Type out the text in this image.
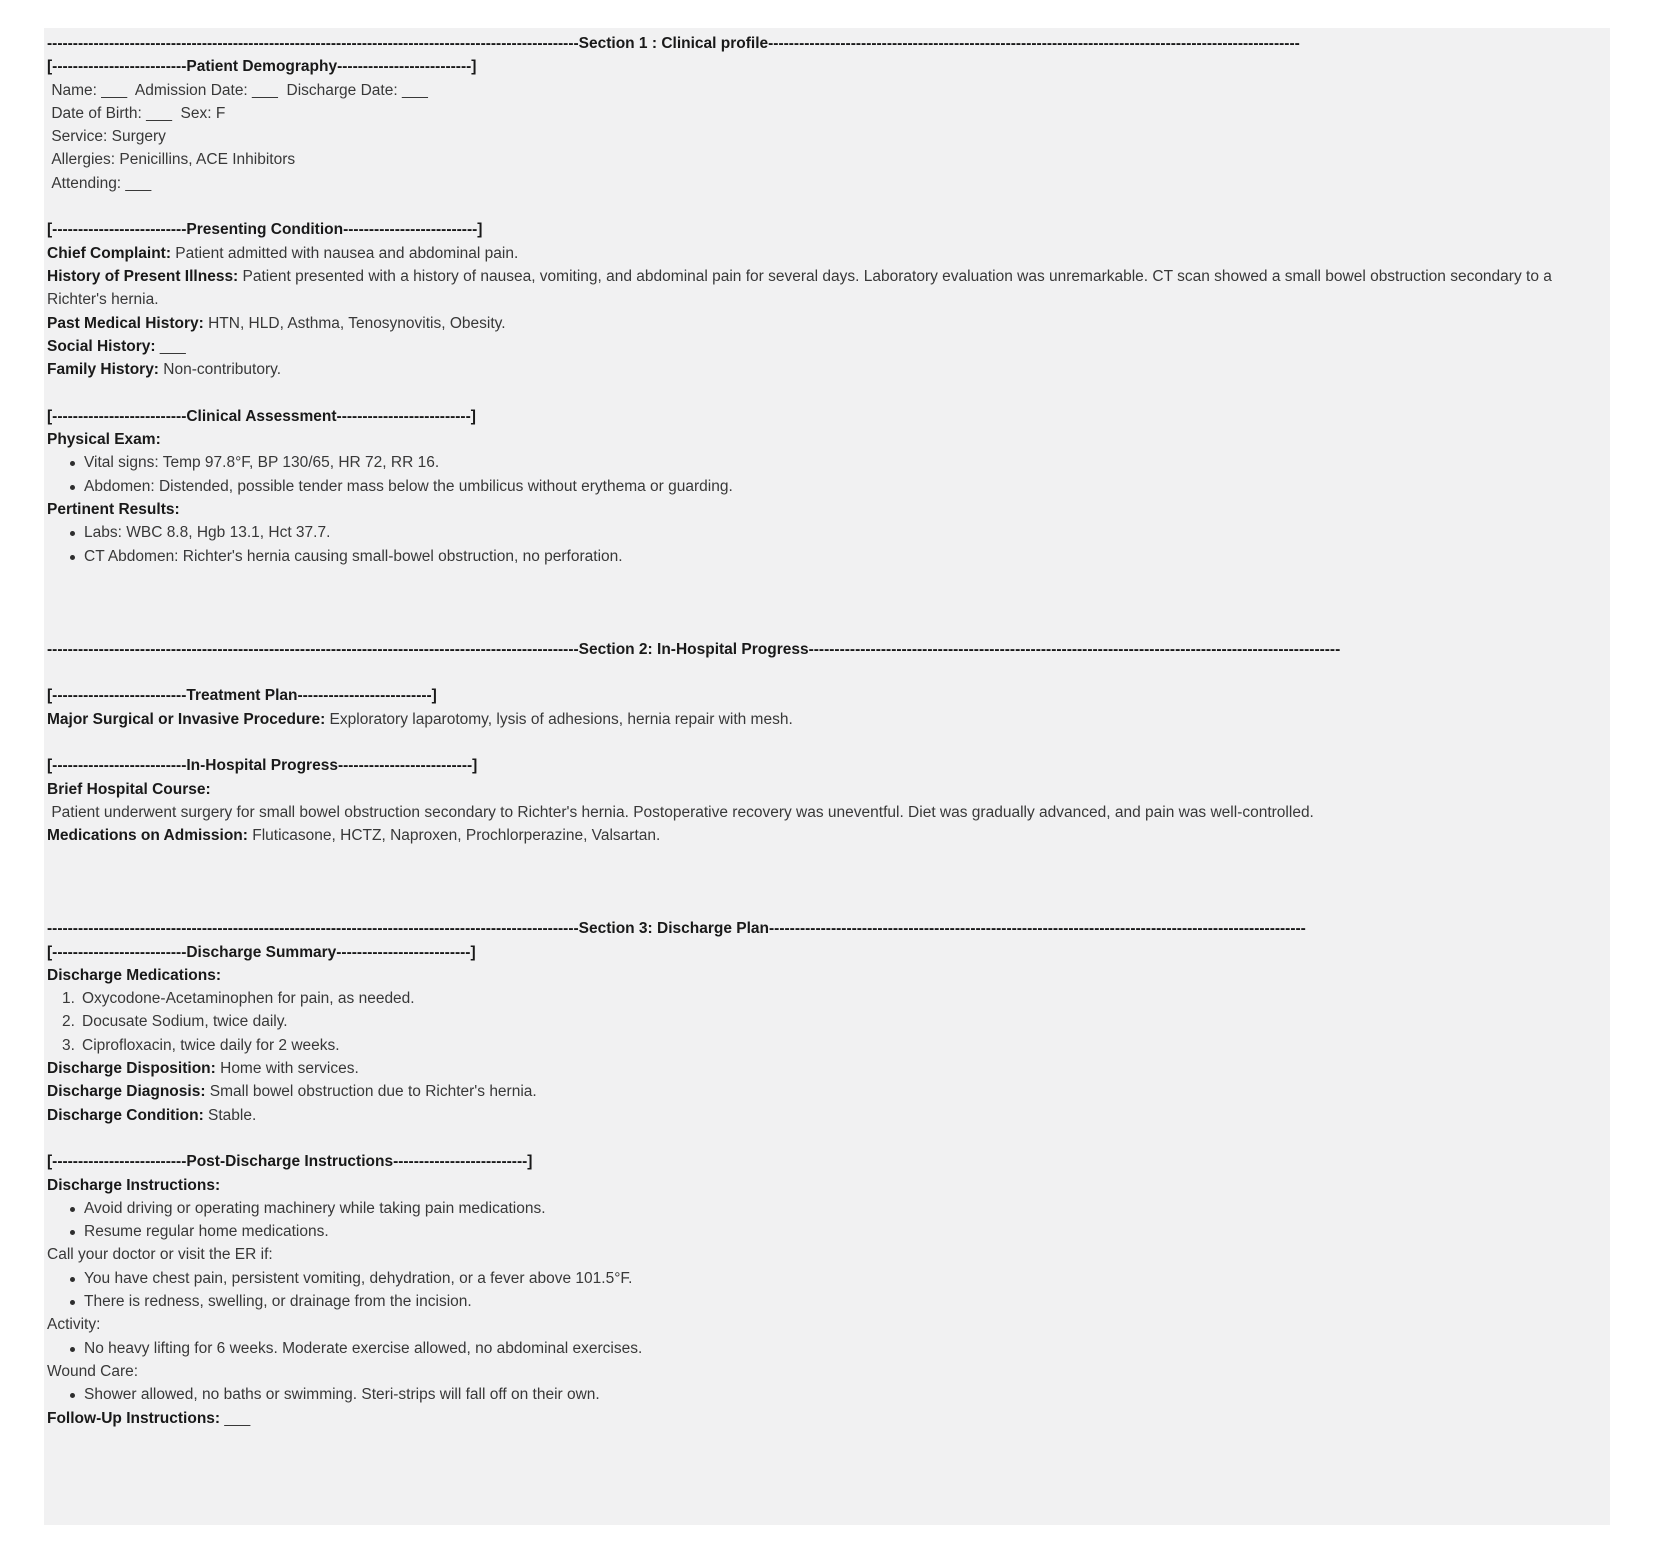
-------------------------------------------------------------------------------------------------------Section 1 : Clinical profile-------------------------------------------------------------------------------------------------------
[--------------------------Patient Demography--------------------------]
Name: ___  Admission Date: ___  Discharge Date: ___
Date of Birth: ___  Sex: F
Service: Surgery
Allergies: Penicillins, ACE Inhibitors
Attending: ___
[--------------------------Presenting Condition--------------------------]
Chief Complaint: Patient admitted with nausea and abdominal pain.
History of Present Illness: Patient presented with a history of nausea, vomiting, and abdominal pain for several days. Laboratory evaluation was unremarkable. CT scan showed a small bowel obstruction secondary to a Richter's hernia.
Past Medical History: HTN, HLD, Asthma, Tenosynovitis, Obesity.
Social History: ___
Family History: Non-contributory.
[--------------------------Clinical Assessment--------------------------]
Physical Exam:
Vital signs: Temp 97.8°F, BP 130/65, HR 72, RR 16.
Abdomen: Distended, possible tender mass below the umbilicus without erythema or guarding.
Pertinent Results:
Labs: WBC 8.8, Hgb 13.1, Hct 37.7.
CT Abdomen: Richter's hernia causing small-bowel obstruction, no perforation.
-------------------------------------------------------------------------------------------------------Section 2: In-Hospital Progress-------------------------------------------------------------------------------------------------------
[--------------------------Treatment Plan--------------------------]
Major Surgical or Invasive Procedure: Exploratory laparotomy, lysis of adhesions, hernia repair with mesh.
[--------------------------In-Hospital Progress--------------------------]
Brief Hospital Course:
Patient underwent surgery for small bowel obstruction secondary to Richter's hernia. Postoperative recovery was uneventful. Diet was gradually advanced, and pain was well-controlled.
Medications on Admission: Fluticasone, HCTZ, Naproxen, Prochlorperazine, Valsartan.
-------------------------------------------------------------------------------------------------------Section 3: Discharge Plan--------------------------------------------------------------------------------------------------------
[--------------------------Discharge Summary--------------------------]
Discharge Medications:
1. Oxycodone-Acetaminophen for pain, as needed.
2. Docusate Sodium, twice daily.
3. Ciprofloxacin, twice daily for 2 weeks.
Discharge Disposition: Home with services.
Discharge Diagnosis: Small bowel obstruction due to Richter's hernia.
Discharge Condition: Stable.
[--------------------------Post-Discharge Instructions--------------------------]
Discharge Instructions:
Avoid driving or operating machinery while taking pain medications.
Resume regular home medications.
Call your doctor or visit the ER if:
You have chest pain, persistent vomiting, dehydration, or a fever above 101.5°F.
There is redness, swelling, or drainage from the incision.
Activity:
No heavy lifting for 6 weeks. Moderate exercise allowed, no abdominal exercises.
Wound Care:
Shower allowed, no baths or swimming. Steri-strips will fall off on their own.
Follow-Up Instructions: ___
